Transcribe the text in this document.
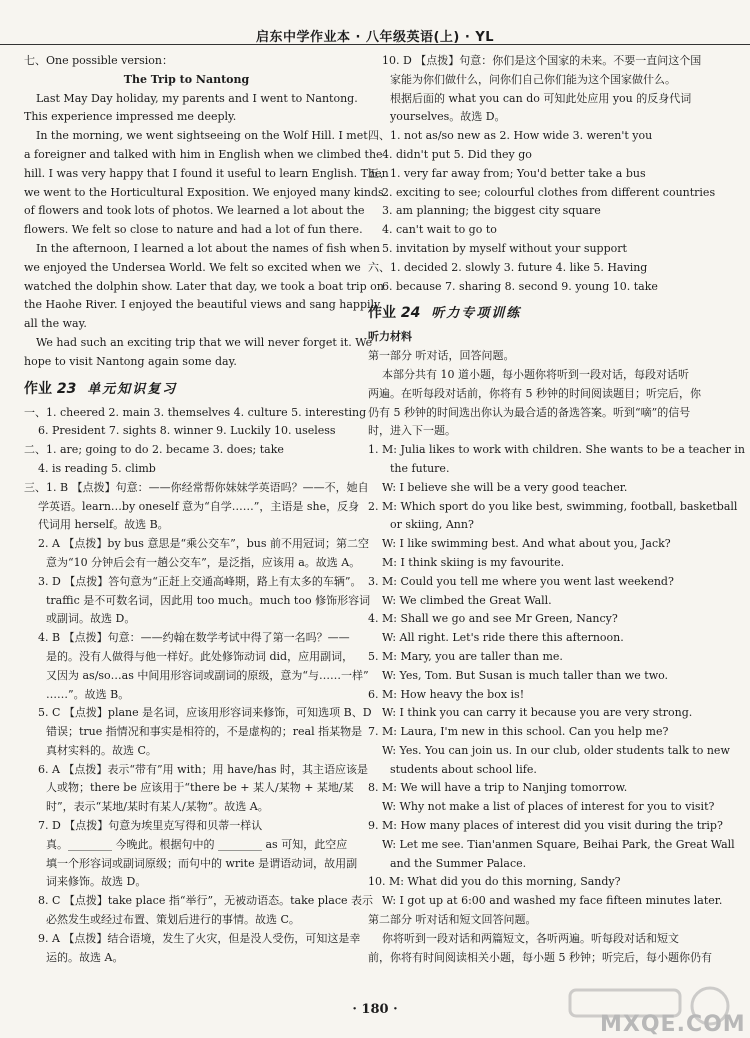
启东中学作业本 · 八年级英语(上) · YL
七、One possible version：
The Trip to Nantong
Last May Day holiday, my parents and I went to Nantong.
This experience impressed me deeply.
In the morning, we went sightseeing on the Wolf Hill. I met
a foreigner and talked with him in English when we climbed the
hill. I was very happy that I found it useful to learn English. Then
we went to the Horticultural Exposition. We enjoyed many kinds
of flowers and took lots of photos. We learned a lot about the
flowers. We felt so close to nature and had a lot of fun there.
In the afternoon, I learned a lot about the names of fish when
we enjoyed the Undersea World. We felt so excited when we
watched the dolphin show. Later that day, we took a boat trip on
the Haohe River. I enjoyed the beautiful views and sang happily
all the way.
We had such an exciting trip that we will never forget it. We
hope to visit Nantong again some day.
作业 23 单元知识复习
一、1. cheered 2. main 3. themselves 4. culture 5. interesting
6. President 7. sights 8. winner 9. Luckily 10. useless
二、1. are; going to do 2. became 3. does; take
4. is reading 5. climb
三、1. B 【点拨】句意：——你经常帮你妹妹学英语吗？——不，她自
学英语。learn…by oneself 意为“自学……”，主语是 she，反身
代词用 herself。故选 B。
2. A 【点拨】by bus 意思是“乘公交车”，bus 前不用冠词；第二空
意为“10 分钟后会有一趟公交车”，是泛指，应该用 a。故选 A。
3. D 【点拨】答句意为“正赶上交通高峰期，路上有太多的车辆”。
traffic 是不可数名词，因此用 too much。much too 修饰形容词
或副词。故选 D。
4. B 【点拨】句意：——约翰在数学考试中得了第一名吗？——
是的。没有人做得与他一样好。此处修饰动词 did，应用副词，
又因为 as/so…as 中间用形容词或副词的原级，意为“与……一样”
……”。故选 B。
5. C 【点拨】plane 是名词，应该用形容词来修饰，可知选项 B、D
错误；true 指情况和事实是相符的，不是虚构的；real 指某物是
真材实料的。故选 C。
6. A 【点拨】表示“带有”用 with；用 have/has 时，其主语应该是
人或物；there be 应该用于“there be + 某人/某物 + 某地/某
时”，表示“某地/某时有某人/某物”。故选 A。
7. D 【点拨】句意为埃里克写得和贝蒂一样认
真。________ 今晚此。根据句中的 ________ as 可知，此空应
填一个形容词或副词原级；而句中的 write 是谓语动词，故用副
词来修饰。故选 D。
8. C 【点拨】take place 指“举行”，无被动语态。take place 表示
必然发生或经过布置、策划后进行的事情。故选 C。
9. A 【点拨】结合语境，发生了火灾，但是没人受伤，可知这是幸
运的。故选 A。
10. D 【点拨】句意：你们是这个国家的未来。不要一直问这个国
家能为你们做什么，问你们自己你们能为这个国家做什么。
根据后面的 what you can do 可知此处应用 you 的反身代词
yourselves。故选 D。
四、1. not as/so new as 2. How wide 3. weren't you
4. didn't put 5. Did they go
五、1. very far away from; You'd better take a bus
2. exciting to see; colourful clothes from different countries
3. am planning; the biggest city square
4. can't wait to go to
5. invitation by myself without your support
六、1. decided 2. slowly 3. future 4. like 5. Having
6. because 7. sharing 8. second 9. young 10. take
作业 24 听力专项训练
听力材料
第一部分 听对话，回答问题。
本部分共有 10 道小题，每小题你将听到一段对话，每段对话听
两遍。在听每段对话前，你将有 5 秒钟的时间阅读题目；听完后，你
仍有 5 秒钟的时间选出你认为最合适的备选答案。听到“嘀”的信号
时，进入下一题。
1. M: Julia likes to work with children. She wants to be a teacher in
the future.
W: I believe she will be a very good teacher.
2. M: Which sport do you like best, swimming, football, basketball
or skiing, Ann?
W: I like swimming best. And what about you, Jack?
M: I think skiing is my favourite.
3. M: Could you tell me where you went last weekend?
W: We climbed the Great Wall.
4. M: Shall we go and see Mr Green, Nancy?
W: All right. Let's ride there this afternoon.
5. M: Mary, you are taller than me.
W: Yes, Tom. But Susan is much taller than we two.
6. M: How heavy the box is!
W: I think you can carry it because you are very strong.
7. M: Laura, I'm new in this school. Can you help me?
W: Yes. You can join us. In our club, older students talk to new
students about school life.
8. M: We will have a trip to Nanjing tomorrow.
W: Why not make a list of places of interest for you to visit?
9. M: How many places of interest did you visit during the trip?
W: Let me see. Tian'anmen Square, Beihai Park, the Great Wall
and the Summer Palace.
10. M: What did you do this morning, Sandy?
W: I got up at 6:00 and washed my face fifteen minutes later.
第二部分 听对话和短文回答问题。
你将听到一段对话和两篇短文，各听两遍。听每段对话和短文
前，你将有时间阅读相关小题，每小题 5 秒钟；听完后，每小题你仍有
· 180 ·
MXQE.COM
